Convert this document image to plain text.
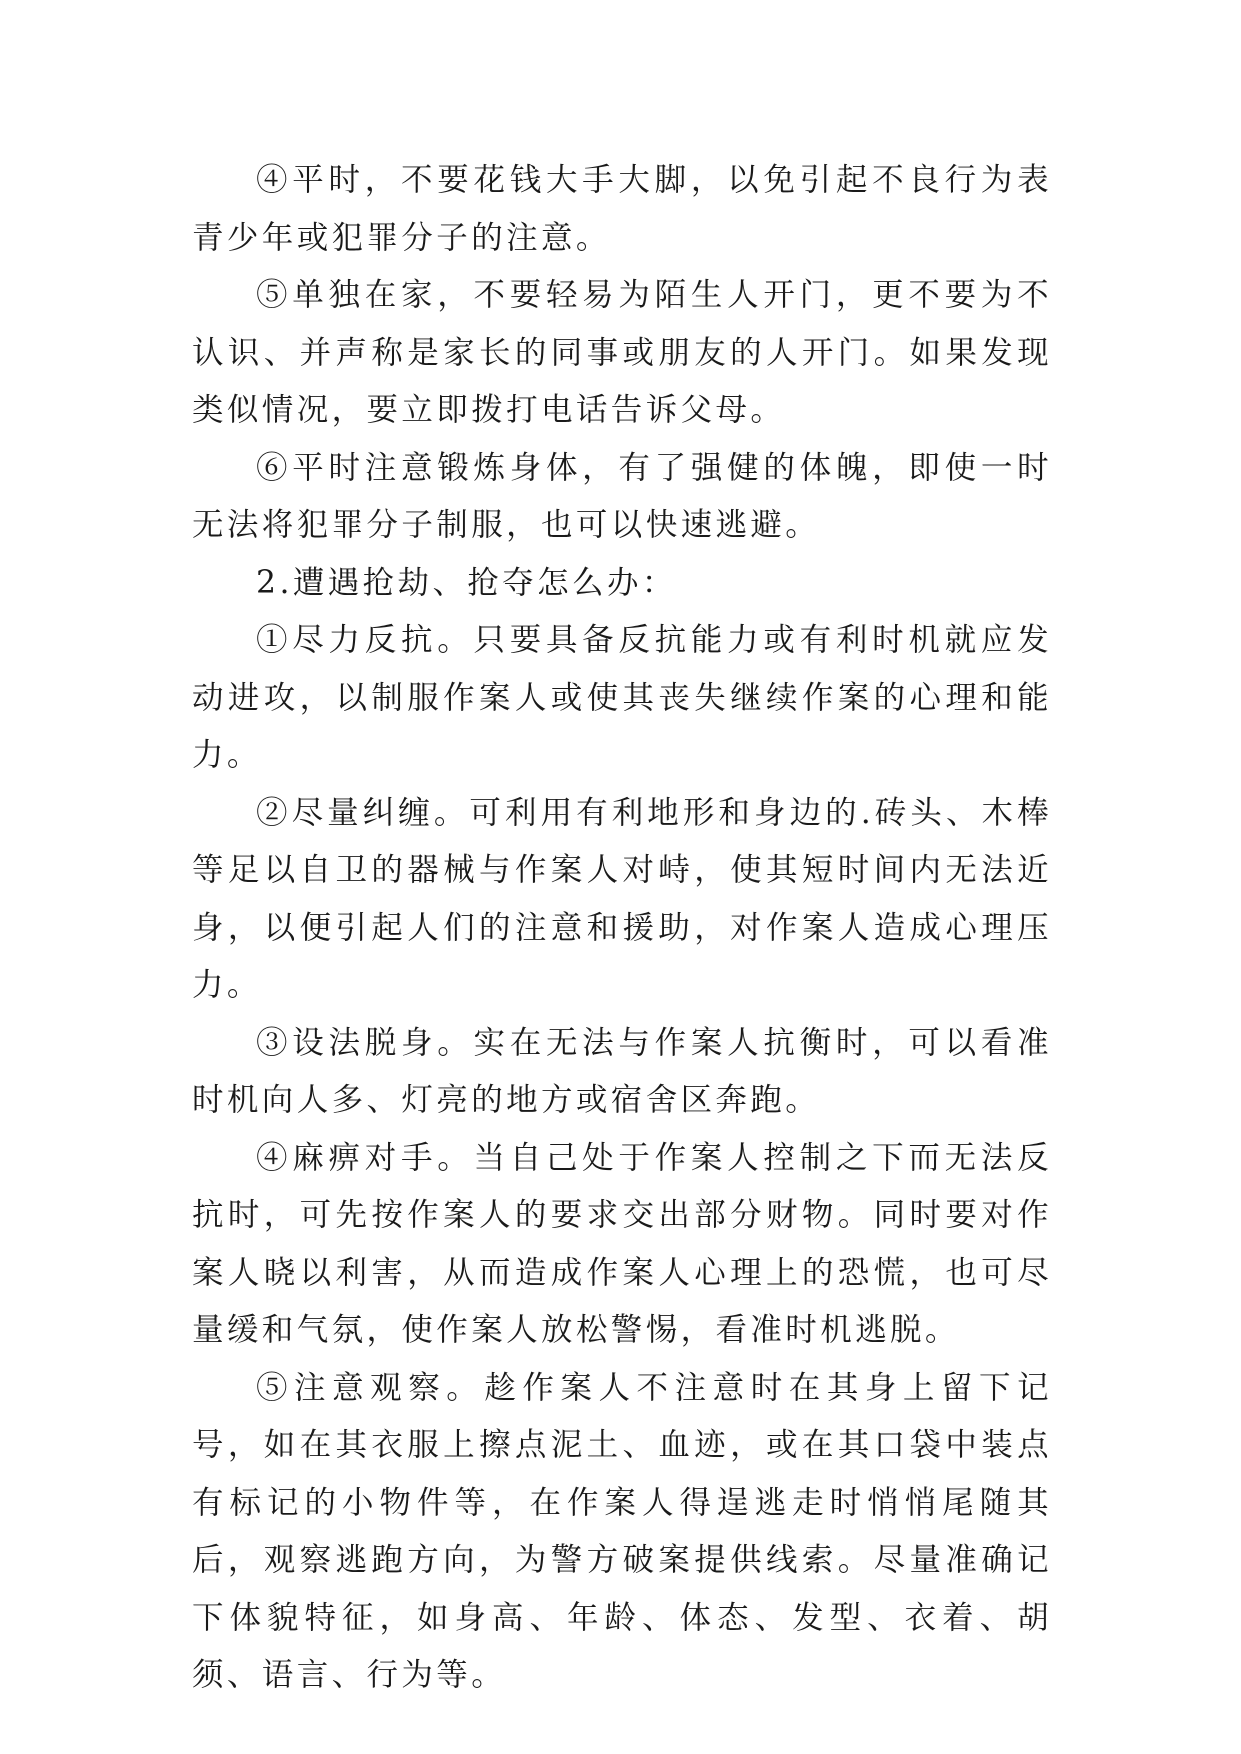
④平时，不要花钱大手大脚，以免引起不良行为表青少年或犯罪分子的注意。

⑤单独在家，不要轻易为陌生人开门，更不要为不认识、并声称是家长的同事或朋友的人开门。如果发现类似情况，要立即拨打电话告诉父母。

⑥平时注意锻炼身体，有了强健的体魄，即使一时无法将犯罪分子制服，也可以快速逃避。

2.遭遇抢劫、抢夺怎么办：

①尽力反抗。只要具备反抗能力或有利时机就应发动进攻，以制服作案人或使其丧失继续作案的心理和能力。

②尽量纠缠。可利用有利地形和身边的.砖头、木棒等足以自卫的器械与作案人对峙，使其短时间内无法近身，以便引起人们的注意和援助，对作案人造成心理压力。

③设法脱身。实在无法与作案人抗衡时，可以看准时机向人多、灯亮的地方或宿舍区奔跑。

④麻痹对手。当自己处于作案人控制之下而无法反抗时，可先按作案人的要求交出部分财物。同时要对作案人晓以利害，从而造成作案人心理上的恐慌，也可尽量缓和气氛，使作案人放松警惕，看准时机逃脱。

⑤注意观察。趁作案人不注意时在其身上留下记号，如在其衣服上擦点泥土、血迹，或在其口袋中装点有标记的小物件等，在作案人得逞逃走时悄悄尾随其后，观察逃跑方向，为警方破案提供线索。尽量准确记下体貌特征，如身高、年龄、体态、发型、衣着、胡须、语言、行为等。
